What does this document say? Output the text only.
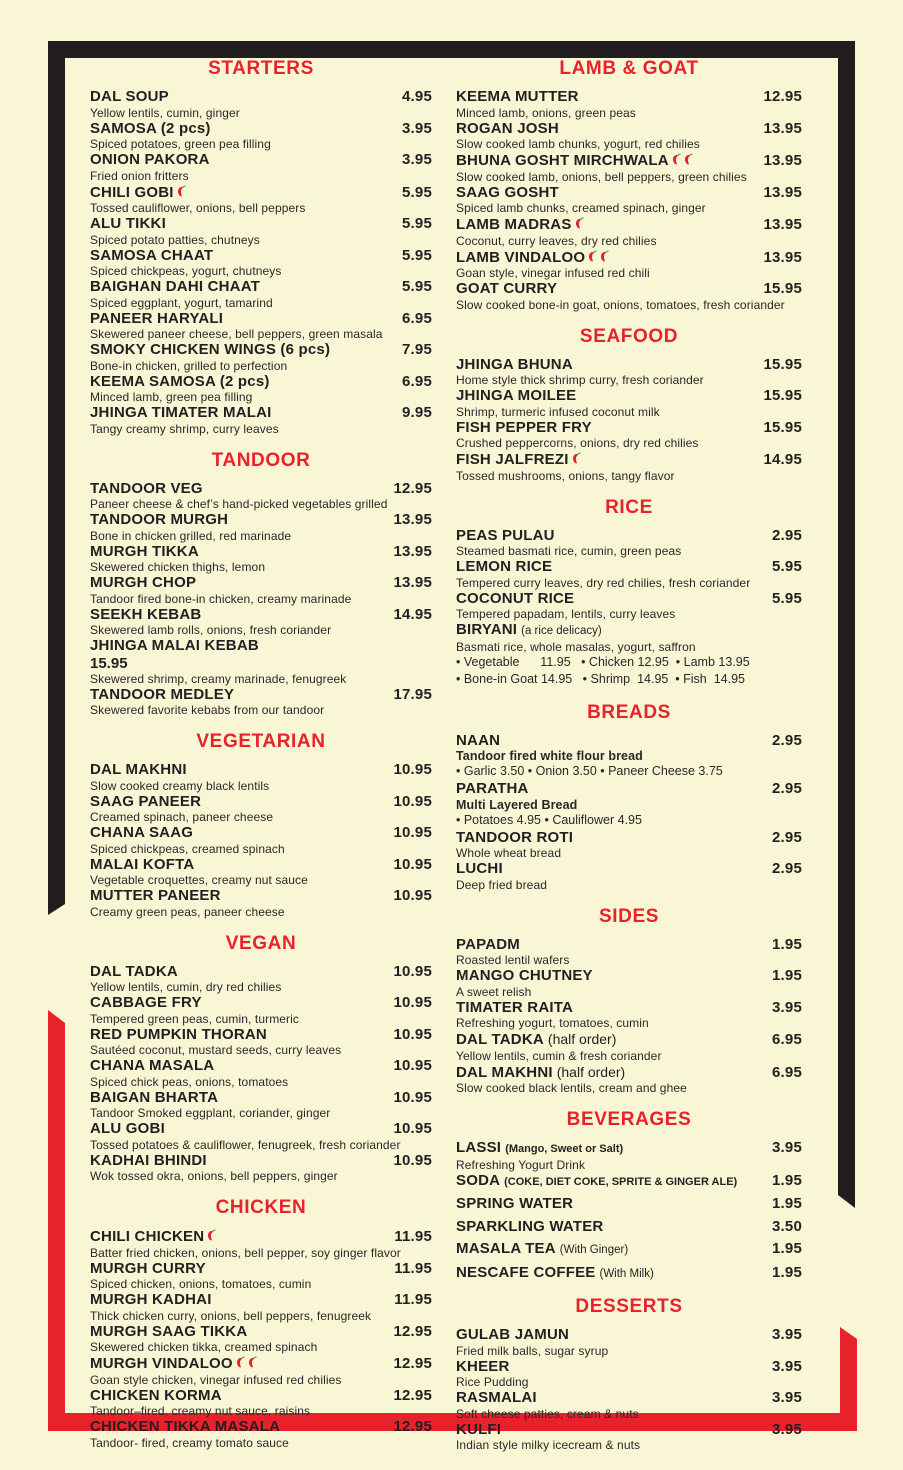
STARTERS
DAL SOUP	4.95
Yellow lentils, cumin, ginger
SAMOSA (2 pcs)	3.95
Spiced potatoes, green pea filling
ONION PAKORA	3.95
Fried onion fritters
CHILI GOBI	5.95
Tossed cauliflower, onions, bell peppers
ALU TIKKI	5.95
Spiced potato patties, chutneys
SAMOSA CHAAT	5.95
Spiced chickpeas, yogurt, chutneys
BAIGHAN DAHI CHAAT	5.95
Spiced eggplant, yogurt, tamarind
PANEER HARYALI	6.95
Skewered paneer cheese, bell peppers, green masala
SMOKY CHICKEN WINGS (6 pcs)	7.95
Bone-in chicken, grilled to perfection
KEEMA SAMOSA (2 pcs)	6.95
Minced lamb, green pea filling
JHINGA TIMATER MALAI	9.95
Tangy creamy shrimp, curry leaves
TANDOOR
TANDOOR VEG	12.95
Paneer cheese & chef’s hand-picked vegetables grilled
TANDOOR MURGH	13.95
Bone in chicken grilled, red marinade
MURGH TIKKA	13.95
Skewered chicken thighs, lemon
MURGH CHOP	13.95
Tandoor fired bone-in chicken, creamy marinade
SEEKH KEBAB	14.95
Skewered lamb rolls, onions, fresh coriander
JHINGA MALAI KEBAB
15.95
Skewered shrimp, creamy marinade, fenugreek
TANDOOR MEDLEY	17.95
Skewered favorite kebabs from our tandoor
VEGETARIAN
DAL MAKHNI	10.95
Slow cooked creamy black lentils
SAAG PANEER	10.95
Creamed spinach, paneer cheese
CHANA SAAG	10.95
Spiced chickpeas, creamed spinach
MALAI KOFTA	10.95
Vegetable croquettes, creamy nut sauce
MUTTER PANEER	10.95
Creamy green peas, paneer cheese
VEGAN
DAL TADKA	10.95
Yellow lentils, cumin, dry red chilies
CABBAGE FRY	10.95
Tempered green peas, cumin, turmeric
RED PUMPKIN THORAN	10.95
Sautéed coconut, mustard seeds, curry leaves
CHANA MASALA	10.95
Spiced chick peas, onions, tomatoes
BAIGAN BHARTA	10.95
Tandoor Smoked eggplant, coriander, ginger
ALU GOBI	10.95
Tossed potatoes & cauliflower, fenugreek, fresh coriander
KADHAI BHINDI	10.95
Wok tossed okra, onions, bell peppers, ginger
CHICKEN
CHILI CHICKEN	11.95
Batter fried chicken, onions, bell pepper, soy ginger flavor
MURGH CURRY	11.95
Spiced chicken, onions, tomatoes, cumin
MURGH KADHAI	11.95
Thick chicken curry, onions, bell peppers, fenugreek
MURGH SAAG TIKKA	12.95
Skewered chicken tikka, creamed spinach
MURGH VINDALOO	12.95
Goan style chicken, vinegar infused red chilies
CHICKEN KORMA	12.95
Tandoor–fired, creamy nut sauce, raisins
CHICKEN TIKKA MASALA	12.95
Tandoor- fired, creamy tomato sauce
LAMB & GOAT
KEEMA MUTTER	12.95
Minced lamb, onions, green peas
ROGAN JOSH	13.95
Slow cooked lamb chunks, yogurt, red chilies
BHUNA GOSHT MIRCHWALA	13.95
Slow cooked lamb, onions, bell peppers, green chilies
SAAG GOSHT	13.95
Spiced lamb chunks, creamed spinach, ginger
LAMB MADRAS	13.95
Coconut, curry leaves, dry red chilies
LAMB VINDALOO	13.95
Goan style, vinegar infused red chili
GOAT CURRY	15.95
Slow cooked bone-in goat, onions, tomatoes, fresh coriander
SEAFOOD
JHINGA BHUNA	15.95
Home style thick shrimp curry, fresh coriander
JHINGA MOILEE	15.95
Shrimp, turmeric infused coconut milk
FISH PEPPER FRY	15.95
Crushed peppercorns, onions, dry red chilies
FISH JALFREZI	14.95
Tossed mushrooms, onions, tangy flavor
RICE
PEAS PULAU	2.95
Steamed basmati rice, cumin, green peas
LEMON RICE	5.95
Tempered curry leaves, dry red chilies, fresh coriander
COCONUT RICE	5.95
Tempered papadam, lentils, curry leaves
BIRYANI (a rice delicacy)
Basmati rice, whole masalas, yogurt, saffron
• Vegetable      11.95   • Chicken 12.95  • Lamb 13.95
• Bone-in Goat 14.95   • Shrimp  14.95  • Fish  14.95
BREADS
NAAN	2.95
Tandoor fired white flour bread
• Garlic 3.50 • Onion 3.50 • Paneer Cheese 3.75
PARATHA	2.95
Multi Layered Bread
• Potatoes 4.95 • Cauliflower 4.95
TANDOOR ROTI	2.95
Whole wheat bread
LUCHI	2.95
Deep fried bread
SIDES
PAPADM	1.95
Roasted lentil wafers
MANGO CHUTNEY	1.95
A sweet relish
TIMATER RAITA	3.95
Refreshing yogurt, tomatoes, cumin
DAL TADKA (half order)	6.95
Yellow lentils, cumin & fresh coriander
DAL MAKHNI (half order)	6.95
Slow cooked black lentils, cream and ghee
BEVERAGES
LASSI (Mango, Sweet or Salt)	3.95
Refreshing Yogurt Drink
SODA (COKE, DIET COKE, SPRITE & GINGER ALE) 1.95
SPRING WATER	1.95
SPARKLING WATER	3.50
MASALA TEA (With Ginger)	1.95
NESCAFE COFFEE (With Milk)	1.95
DESSERTS
GULAB JAMUN	3.95
Fried milk balls, sugar syrup
KHEER	3.95
Rice Pudding
RASMALAI	3.95
Soft cheese patties, cream & nuts
KULFI	3.95
Indian style milky icecream & nuts
